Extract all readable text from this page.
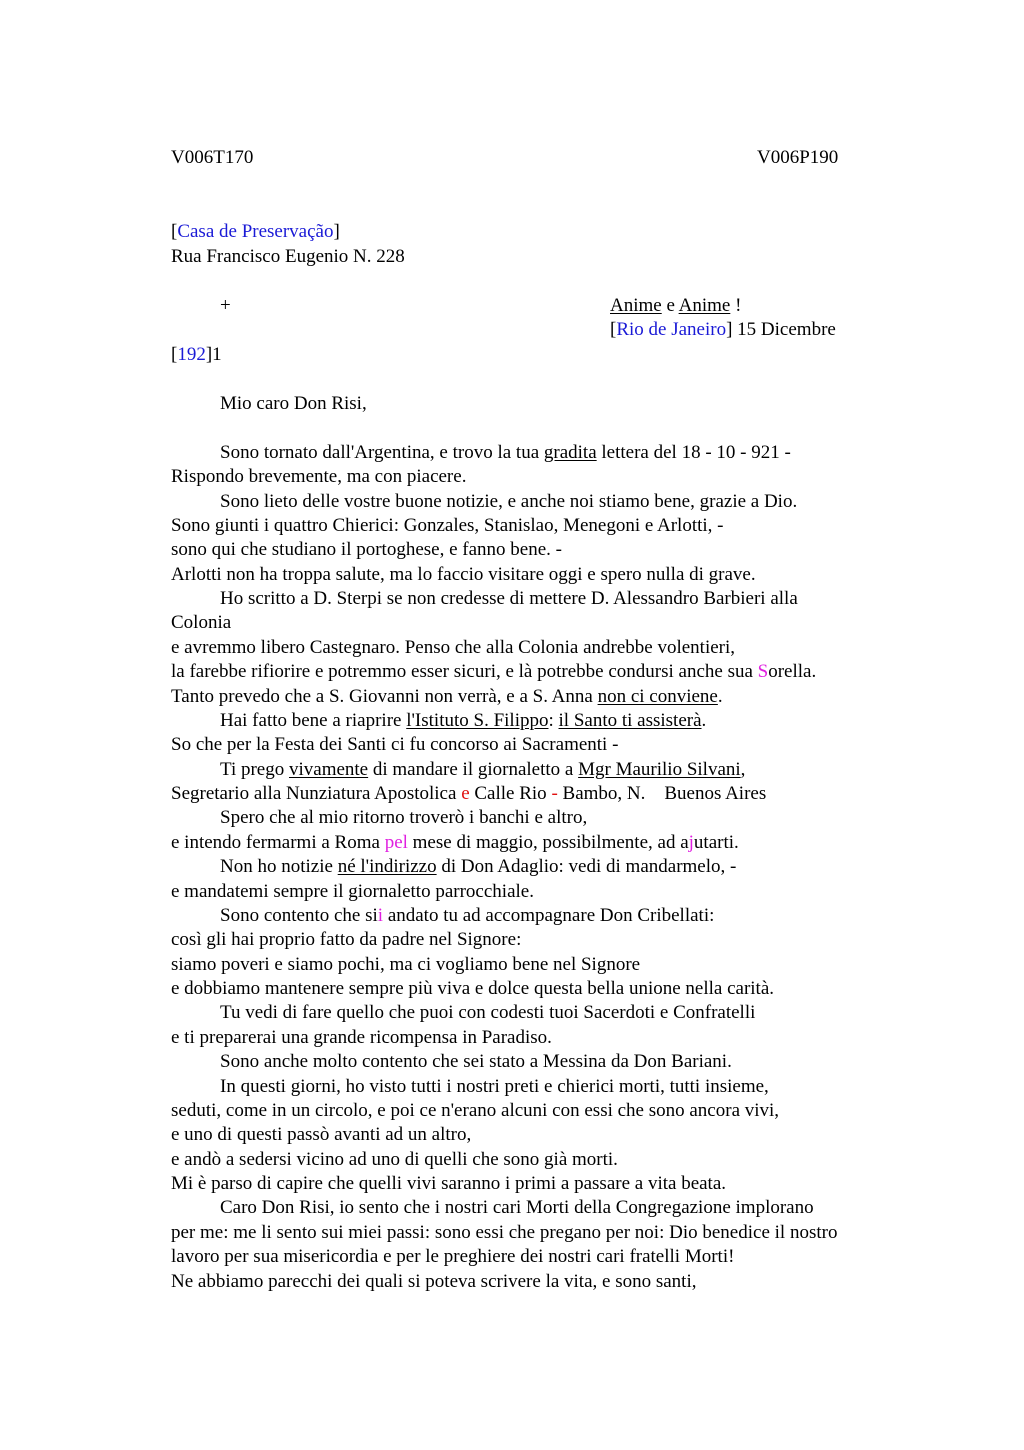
V006T170	V006P190
[Casa de Preservação]
Rua Francisco Eugenio N. 228
+	Anime e Anime !
[Rio de Janeiro] 15 Dicembre
[192]1
Mio caro Don Risi,
Sono tornato dall'Argentina, e trovo la tua gradita lettera del 18 - 10 - 921 -
Rispondo brevemente, ma con piacere.
Sono lieto delle vostre buone notizie, e anche noi stiamo bene, grazie a Dio.
Sono giunti i quattro Chierici: Gonzales, Stanislao, Menegoni e Arlotti, -
sono qui che studiano il portoghese, e fanno bene. -
Arlotti non ha troppa salute, ma lo faccio visitare oggi e spero nulla di grave.
Ho scritto a D. Sterpi se non credesse di mettere D. Alessandro Barbieri alla
Colonia
e avremmo libero Castegnaro. Penso che alla Colonia andrebbe volentieri,
la farebbe rifiorire e potremmo esser sicuri, e là potrebbe condursi anche sua Sorella.
Tanto prevedo che a S. Giovanni non verrà, e a S. Anna non ci conviene.
Hai fatto bene a riaprire l'Istituto S. Filippo: il Santo ti assisterà.
So che per la Festa dei Santi ci fu concorso ai Sacramenti -
Ti prego vivamente di mandare il giornaletto a Mgr Maurilio Silvani,
Segretario alla Nunziatura Apostolica e Calle Rio - Bambo, N.    Buenos Aires
Spero che al mio ritorno troverò i banchi e altro,
e intendo fermarmi a Roma pel mese di maggio, possibilmente, ad ajutarti.
Non ho notizie né l'indirizzo di Don Adaglio: vedi di mandarmelo, -
e mandatemi sempre il giornaletto parrocchiale.
Sono contento che sii andato tu ad accompagnare Don Cribellati:
così gli hai proprio fatto da padre nel Signore:
siamo poveri e siamo pochi, ma ci vogliamo bene nel Signore
e dobbiamo mantenere sempre più viva e dolce questa bella unione nella carità.
Tu vedi di fare quello che puoi con codesti tuoi Sacerdoti e Confratelli
e ti preparerai una grande ricompensa in Paradiso.
Sono anche molto contento che sei stato a Messina da Don Bariani.
In questi giorni, ho visto tutti i nostri preti e chierici morti, tutti insieme,
seduti, come in un circolo, e poi ce n'erano alcuni con essi che sono ancora vivi,
e uno di questi passò avanti ad un altro,
e andò a sedersi vicino ad uno di quelli che sono già morti.
Mi è parso di capire che quelli vivi saranno i primi a passare a vita beata.
Caro Don Risi, io sento che i nostri cari Morti della Congregazione implorano
per me: me li sento sui miei passi: sono essi che pregano per noi: Dio benedice il nostro
lavoro per sua misericordia e per le preghiere dei nostri cari fratelli Morti!
Ne abbiamo parecchi dei quali si poteva scrivere la vita, e sono santi,
